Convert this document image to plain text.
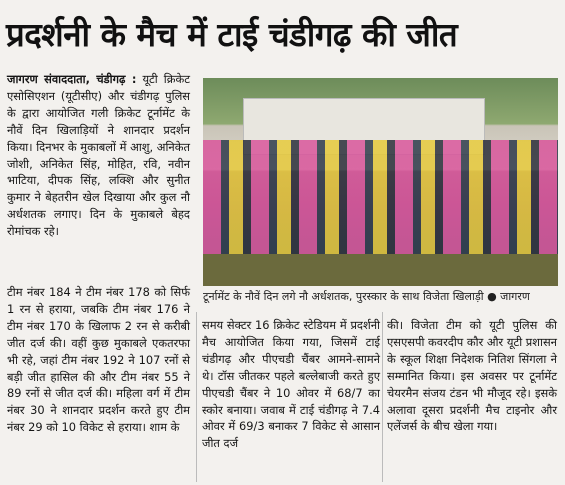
प्रदर्शनी के मैच में टाई चंडीगढ़ की जीत

जागरण संवाददाता, चंडीगढ़ : यूटी क्रिकेट एसोसिएशन (यूटीसीए) और चंडीगढ़ पुलिस के द्वारा आयोजित गली क्रिकेट टूर्नामेंट के नौवें दिन खिलाड़ियों ने शानदार प्रदर्शन किया। दिनभर के मुकाबलों में आशु, अनिकेत जोशी, अनिकेत सिंह, मोहित, रवि, नवीन भाटिया, दीपक सिंह, लक्शि और सुनीत कुमार ने बेहतरीन खेल दिखाया और कुल नौ अर्धशतक लगाए। दिन के मुकाबले बेहद रोमांचक रहे।

टीम नंबर 184 ने टीम नंबर 178 को सिर्फ 1 रन से हराया, जबकि टीम नंबर 176 ने टीम नंबर 170 के खिलाफ 2 रन से करीबी जीत दर्ज की। वहीं कुछ मुकाबले एकतरफा भी रहे, जहां टीम नंबर 192 ने 107 रनों से बड़ी जीत हासिल की और टीम नंबर 55 ने 89 रनों से जीत दर्ज की। महिला वर्ग में टीम नंबर 30 ने शानदार प्रदर्शन करते हुए टीम नंबर 29 को 10 विकेट से हराया। शाम के

टूर्नामेंट के नौवें दिन लगे नौ अर्धशतक, पुरस्कार के साथ विजेता खिलाड़ी ● जागरण

समय सेक्टर 16 क्रिकेट स्टेडियम में प्रदर्शनी मैच आयोजित किया गया, जिसमें टाई चंडीगढ़ और पीएचडी चैंबर आमने-सामने थे। टॉस जीतकर पहले बल्लेबाजी करते हुए पीएचडी चैंबर ने 10 ओवर में 68/7 का स्कोर बनाया। जवाब में टाई चंडीगढ़ ने 7.4 ओवर में 69/3 बनाकर 7 विकेट से आसान जीत दर्ज

की। विजेता टीम को यूटी पुलिस की एसएसपी कवरदीप कौर और यूटी प्रशासन के स्कूल शिक्षा निदेशक नितिश सिंगला ने सम्मानित किया। इस अवसर पर टूर्नामेंट चेयरमैन संजय टंडन भी मौजूद रहे। इसके अलावा दूसरा प्रदर्शनी मैच टाइनोर और एलेंजर्स के बीच खेला गया।
